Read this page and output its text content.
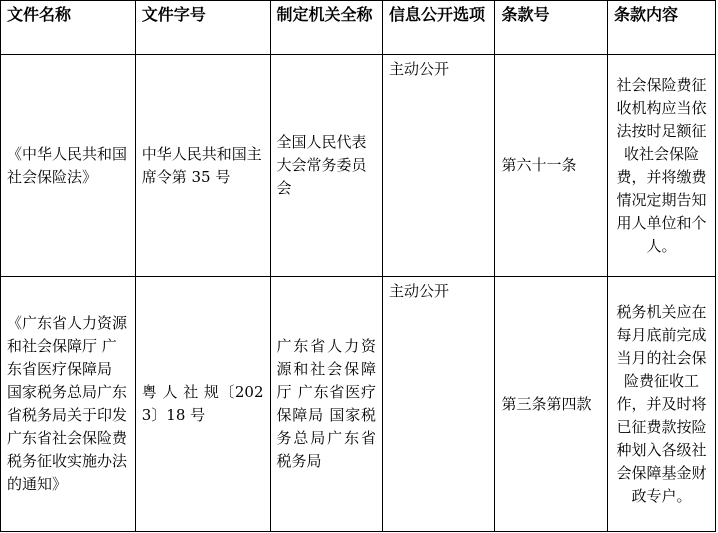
文件名称	文件字号	制定机关全称	信息公开选项	条款号	条款内容
《中华人民共和国社会保险法》	中华人民共和国主席令第 35 号	全国人民代表大会常务委员会	主动公开	第六十一条	社会保险费征收机构应当依法按时足额征收社会保险费，并将缴费情况定期告知用人单位和个人。
《广东省人力资源和社会保障厅 广东省医疗保障局 国家税务总局广东省税务局关于印发广东省社会保险费税务征收实施办法的通知》	粤 人 社 规〔2023〕18 号	广东省人力资源和社会保障厅 广东省医疗保障局 国家税务总局广东省税务局	主动公开	第三条第四款	税务机关应在每月底前完成当月的社会保险费征收工作，并及时将已征费款按险种划入各级社会保障基金财政专户。
